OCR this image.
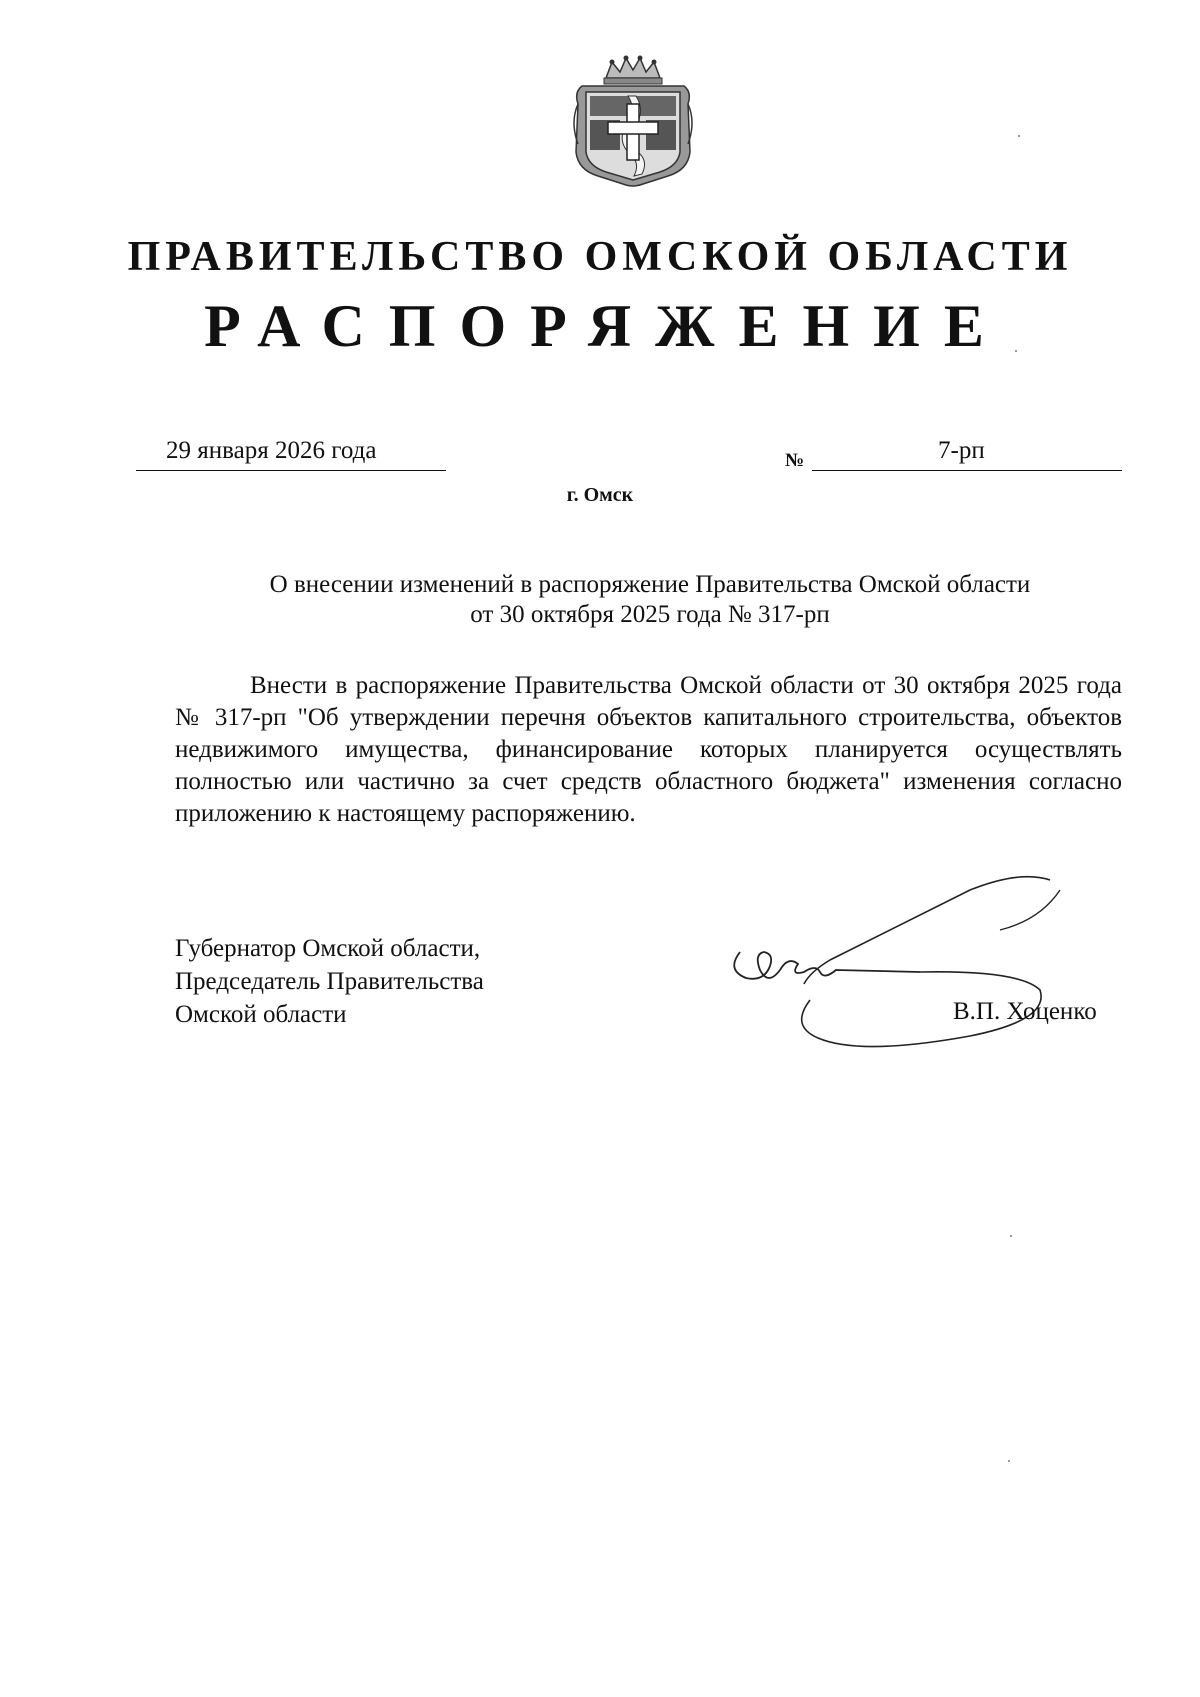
ПРАВИТЕЛЬСТВО ОМСКОЙ ОБЛАСТИ
РАСПОРЯЖЕНИЕ
29 января 2026 года	№	7-рп
г. Омск
О внесении изменений в распоряжение Правительства Омской области
от 30 октября 2025 года № 317-рп
Внести в распоряжение Правительства Омской области от 30 октября 2025 года № 317-рп "Об утверждении перечня объектов капитального строительства, объектов недвижимого имущества, финансирование которых планируется осуществлять полностью или частично за счет средств областного бюджета" изменения согласно приложению к настоящему распоряжению.
Губернатор Омской области,
Председатель Правительства
Омской области	В.П. Хоценко
